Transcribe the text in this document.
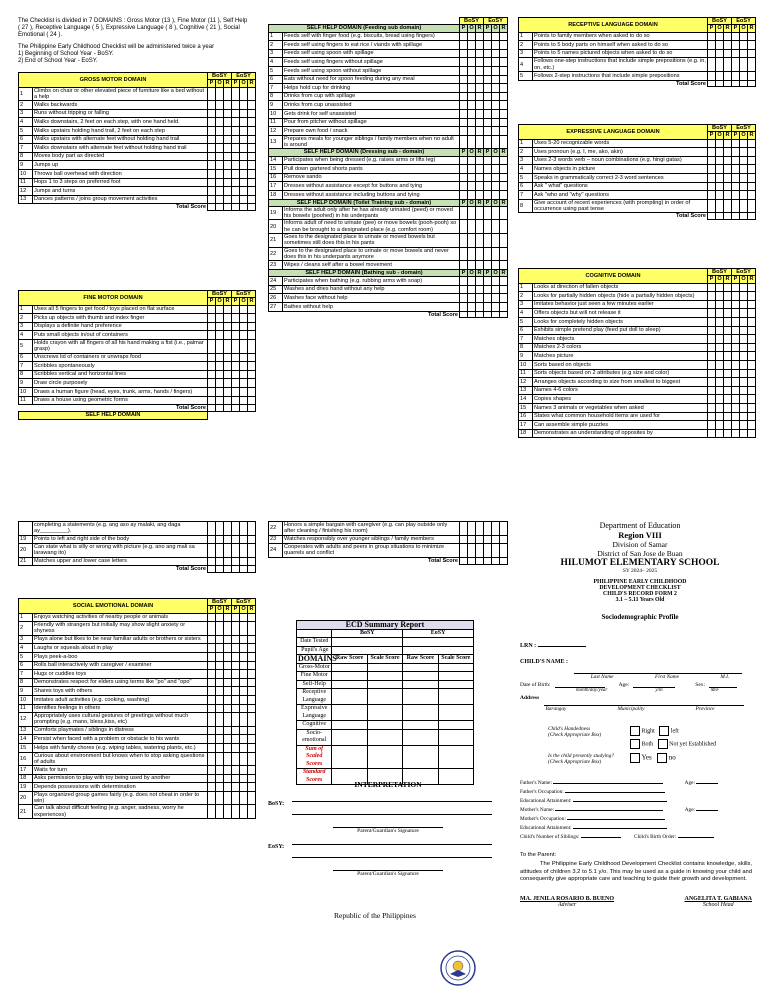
The Checklist is divided in 7 DOMAINS : Gross Motor (13 ), Fine Motor (11 ), Self Help ( 27 ), Receptive Language ( 5 ), Expressive Language ( 8 ), Cognitive ( 21 ), Social Emotional ( 24 ).

The Philippine Early Childhood Checklist will be administered twice a year

1) Beginning of School Year - BoSY.

2) End of School Year - EoSY.

GROSS MOTOR DOMAIN		BoSY			EoSY		
		P	O	R	P	O	R
1	Climbs on chair or other elevated piece of furniture like a bed without a help						
2	Walks backwards						
3	Runs without tripping or falling						
4	Walks downstairs, 2 feet on each step, with one hand held.						
5	Walks upstairs holding hand trail, 2 feet on each step						
6	Walks upstairs with alternate feet without holding hand trail						
7	Walks downstairs with alternate feet without holding hand trail						
8	Moves body part as directed						
9	Jumps up						
10	Throws ball overhead with direction						
11	Hops 1 to 3 steps on preferred foot						
12	Jumps and turns						
13	Dances patterns / joins group movement activities						
Total Score							
FINE MOTOR DOMAIN		BoSY			EoSY		
		P	O	R	P	O	R
1	Uses all 5 fingers to get food / toys placed on flat surface						
2	Picks up objects with thumb and index finger						
3	Displays a definite hand preference						
4	Puts small objects in/out of containers						
5	Holds crayon with all fingers of all his hand making a fist (i.e., palmar grasp)						
6	Unscrews lid of containers or unwraps food						
7	Scribbles spontaneously						
8	Scribbles vertical and horizontal lines						
9	Draw circle purposely						
10	Draws a human figure (head, eyes, trunk, arms, hands / fingers)						
11	Draws a house using geometric forms						
Total Score							
SELF HELP DOMAIN							
		BoSY			EoSY		
SELF HELP DOMAIN (Feeding sub domain)		P	O	R	P	O	R
1	Feeds self with finger food (e.g. biscuits, bread using fingers)						
2	Feeds self using fingers to eat rice / viands with spillage						
3	Feeds self using spoon with spillage						
4	Feeds self using fingers without spillage						
5	Feeds self using spoon without spillage						
6	Eats without need for spoon feeding during any meal						
7	Helps hold cup for drinking						
8	Drinks from cup with spillage						
9	Drinks from cup unassisted						
10	Gets drink for self unassisted						
11	Pour from pitcher without spillage						
12	Prepare own food / snack						
13	Prepares meals for younger siblings / family members when no adult is around						
SELF HELP DOMAIN (Dressing sub - domain)		P	O	R	P	O	R
14	Participates when being dressed (e.g. raises arms or lifts leg)						
15	Pull down gartered shorts pants						
16	Remove sando						
17	Dresses without assistance except for buttons and tying						
18	Dresses without assistance including buttons and tying						
SELF HELP DOMAIN (Toilet Training sub - domain)		P	O	R	P	O	R
19	Informs the adult only after he has already urinated (peed) or moved his bowels (poohed) in his underpants						
20	Informs adult of need to urinate (pee) or move bowels (pooh-pooh) so he can be brought to a designated place (e.g. comfort room)						
21	Goes to the designated place to urinate or moved bowels but sometimes still does this in his pants						
22	Goes to the designated place to urinate or move bowels and never does this in his underpants anymore						
23	Wipes / cleans self after a bowel movement						
SELF HELP DOMAIN (Bathing sub - domain)		P	O	R	P	O	R
24	Participates when bathing (e.g. rubbing arms with soap)						
25	Washes and dries hand without any help						
26	Washes face without help						
27	Bathes without help						
Total Score							
RECEPTIVE LANGUAGE DOMAIN		BoSY			EoSY		
		P	O	R	P	O	R
1	Points to family members when asked to do so						
2	Points to 5 body parts on himself when asked to do so						
3	Points to 5 names pictured objects when asked to do so						
4	Follows one-step instructions that include simple prepositions (e.g. in, on, etc.)						
5	Follows 2-step instructions that include simple prepositions						
Total Score							
EXPRESSIVE LANGUAGE DOMAIN		BoSY			EoSY		
		P	O	R	P	O	R
1	Uses 5-20 recognizable words						
2	Uses pronoun (e.g. I, me, ako, akin)						
3	Uses 2-3 words verb – noun combinations (e.g. hingi gatas)						
4	Names objects in picture						
5	Speaks in grammatically correct 2-3 word sentences						
6	Ask " what" questions						
7	Ask "who and "why" questions						
8	Give account of recent experiences (with prompting) in order of occurrence using past tense						
Total Score							
COGNITIVE DOMAIN		BoSY			EoSY		
		P	O	R	P	O	R
1	Looks at direction of fallen objects						
2	Looks for partially hidden objects (hide a partially hidden objects)						
3	Imitates behavior just seen a few minutes earlier						
4	Offers objects but will not release it						
5	Looks for completely hidden objects						
6	Exhibits simple pretend play (feed put doll to sleep)						
7	Matches objects						
8	Matches 2-3 colors						
9	Matches picture						
10	Sorts based on objects						
11	Sorts objects based on 2 attributes (e.g size and color)						
12	Arranges objects according to size from smallest to biggest						
13	Names 4-6 colors						
14	Copies shapes						
15	Names 3 animals or vegetables when asked						
16	States what common household items are used for						
17	Can assemble simple puzzles						
18	Demonstrates an understanding of opposites by						
	completing a statements (e.g. ang aso ay malaki, ang daga ay_________).						
19	Points to left and right side of the body						
20	Can state what is silly or wrong with picture (e.g. ano ang mali sa larawang ito)						
21	Matches upper and lower case letters						
Total Score							
SOCIAL EMOTIONAL DOMAIN		BoSY			EoSY		
		P	O	R	P	O	R
1	Enjoys watching activities of nearby people or animals						
2	Friendly with strangers but initially may show slight anxiety or shyness						
3	Plays alone but likes to be near familiar adults or brothers or sisters						
4	Laughs or squeals aloud in play						
5	Plays peek-a-boo						
6	Rolls ball interactively with caregiver / examiner						
7	Hugs or cuddles toys						
8	Demonstrates respect for elders using terms like "po" and "opo"						
9	Shares toys with others						
10	Imitates adult activities (e.g. cooking, washing)						
11	Identifies feelings in others						
12	Appropriately uses cultural gestures of greetings without much prompting (e.g. mano, bless,kiss, etc)						
13	Comforts playmates / siblings in distress						
14	Persist when faced with a problem or obstacle to his wants						
15	Helps with family chores (e.g. wiping tables, watering plants, etc.)						
16	Curious about environment but knows when to stop asking questions of adults						
17	Waits for turn						
18	Asks permission to play with toy being used by another						
19	Depends possessions with determination						
20	Plays organized group games fairly (e.g. does not cheat in order to win)						
21	Can talk about difficult feeling (e.g. anger, sadness, worry he experiences)						
22	Honors a simple bargain with caregiver (e.g. can play outside only after cleaning / finishing his room)						
23	Watches responsibly over younger siblings / family members						
24	Cooperates with adults and peers in group situations to minimize quarrels and conflict						
Total Score							
ECD Summary Report				
	BoSY		EoSY	
Date Tested				
Pupil's Age				
DOMAINS	Raw Score	Scale Score	Raw Score	Scale Score
Gross-Motor				
Fine Motor				
Self-Help				
Receptive Language				
Expressive Language				
Cognitive				
Socio-emotional				
Sum of Scaled Scores				
Standard Scores				
INTERPRETATION
BoSY:
Parent/Guardian's Signature
EoSY:
Parent/Guardian's Signature
Republic of the Philippines
Department of Education
Region VIII
Division of Samar
District of San Jose de Buan
HILUMOT ELEMENTARY SCHOOL
SY 2024– 2025
PHILIPPINE EARLY CHILDHOOD
DEVELOPMENT CHECKLIST
CHILD'S RECORD FORM 2
3.1 – 5.11 Years Old
Sociodemographic Profile
LRN :
CHILD'S NAME :
Last Name	First Name	M.I.
Date of Birth:	Age:	Sex:
month/day/year	y/m	M/F
Address
Barangay	Municipality	Province
Child's Handedness
(Check Appropriate Box)
Right	left
Both	Not yet Established
Is the child presently studying?
(Check Appropriate Box)
Yes no
Father's Name:	Age:
Father's Occupation:
Educational Attainment:
Mother's Name:	Age:
Mother's Occupation:
Educational Attainment:
Child's Number of Siblings:	Child's Birth Order:
To the Parent:
The Philippine Early Childhood Development Checklist contains knowledge, skills, attitudes of children 3.2 to 5.1 y/o. This may be used as a guide in knowing your child and consequently give appropriate care and teaching to guide their growth and development.
MA. JENILA ROSARIO B. BUENO
Adviser
ANGELITA T. GABIANA
School Head
